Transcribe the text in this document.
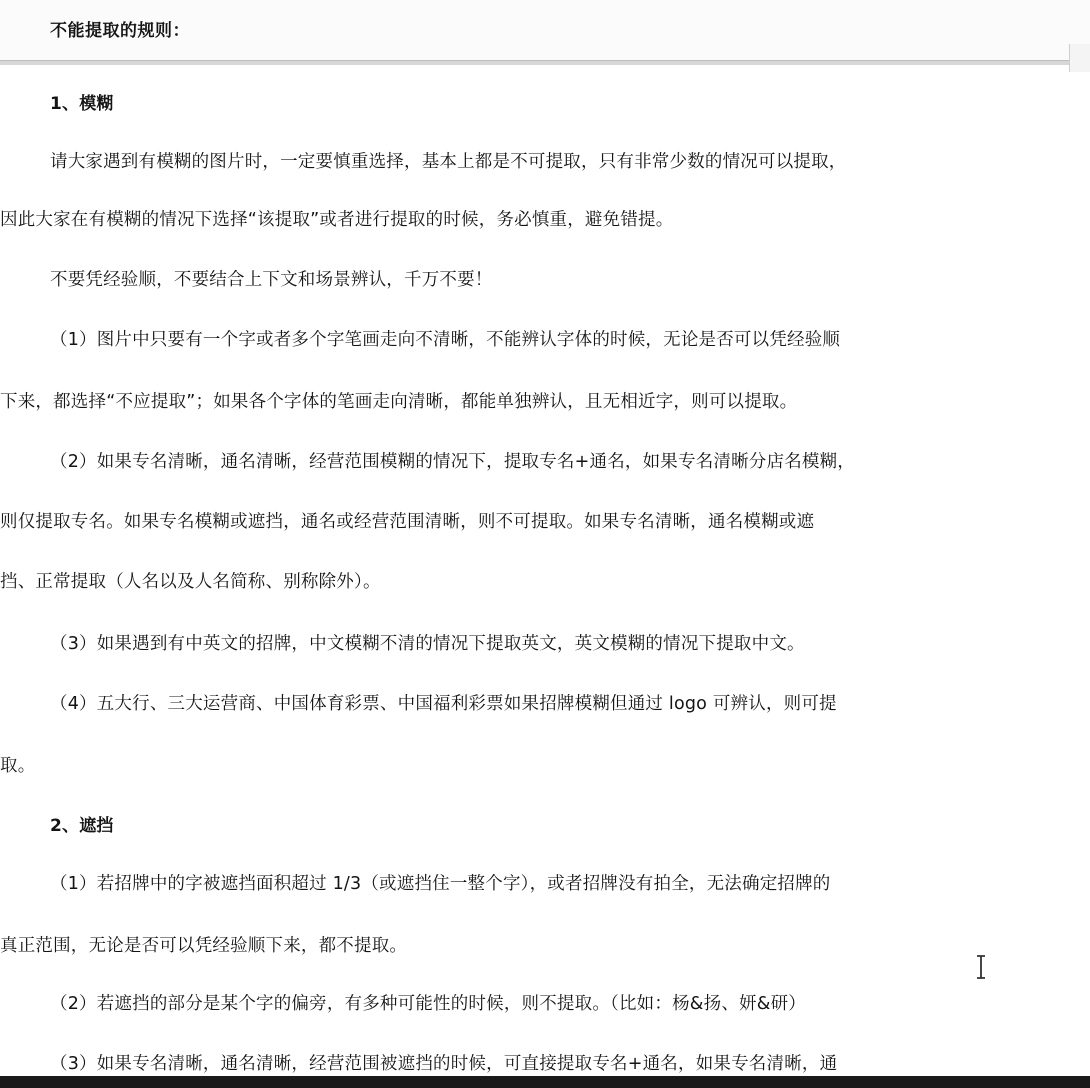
不能提取的规则：
1、模糊
请大家遇到有模糊的图片时，一定要慎重选择，基本上都是不可提取，只有非常少数的情况可以提取，
因此大家在有模糊的情况下选择“该提取”或者进行提取的时候，务必慎重，避免错提。
不要凭经验顺，不要结合上下文和场景辨认，千万不要！
（1）图片中只要有一个字或者多个字笔画走向不清晰，不能辨认字体的时候，无论是否可以凭经验顺
下来，都选择“不应提取”；如果各个字体的笔画走向清晰，都能单独辨认，且无相近字，则可以提取。
（2）如果专名清晰，通名清晰，经营范围模糊的情况下，提取专名+通名，如果专名清晰分店名模糊，
则仅提取专名。如果专名模糊或遮挡，通名或经营范围清晰，则不可提取。如果专名清晰，通名模糊或遮
挡、正常提取（人名以及人名简称、别称除外）。
（3）如果遇到有中英文的招牌，中文模糊不清的情况下提取英文，英文模糊的情况下提取中文。
（4）五大行、三大运营商、中国体育彩票、中国福利彩票如果招牌模糊但通过 logo 可辨认，则可提
取。
2、遮挡
（1）若招牌中的字被遮挡面积超过 1/3（或遮挡住一整个字），或者招牌没有拍全，无法确定招牌的
真正范围，无论是否可以凭经验顺下来，都不提取。
（2）若遮挡的部分是某个字的偏旁，有多种可能性的时候，则不提取。（比如：杨&扬、妍&研）
（3）如果专名清晰，通名清晰，经营范围被遮挡的时候，可直接提取专名+通名，如果专名清晰，通
